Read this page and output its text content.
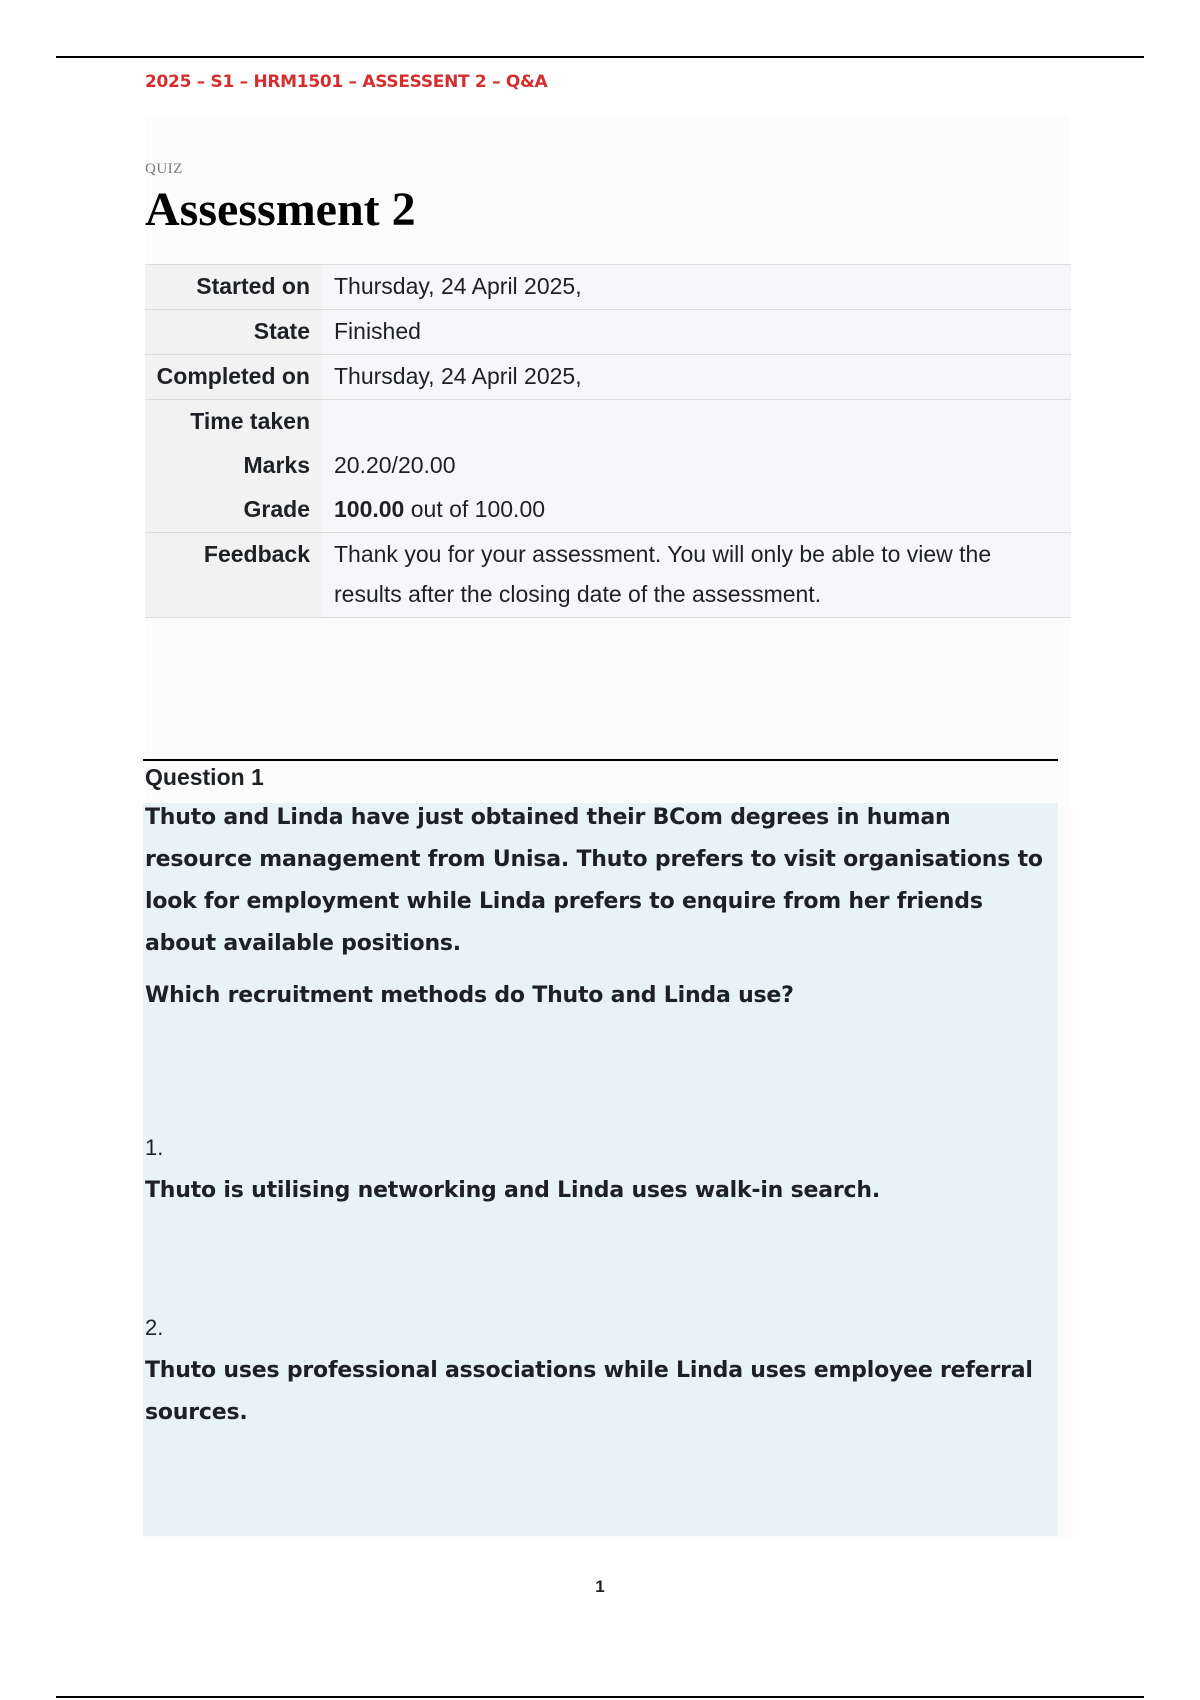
2025 – S1 – HRM1501 – ASSESSENT 2 – Q&A
QUIZ
Assessment 2
Started on	Thursday, 24 April 2025,
State	Finished
Completed on	Thursday, 24 April 2025,
Time taken	
Marks	20.20/20.00
Grade	100.00 out of 100.00
Feedback	Thank you for your assessment. You will only be able to view the results after the closing date of the assessment.
Question 1

Thuto and Linda have just obtained their BCom degrees in human resource management from Unisa. Thuto prefers to visit organisations to look for employment while Linda prefers to enquire from her friends about available positions.

Which recruitment methods do Thuto and Linda use?

1.

Thuto is utilising networking and Linda uses walk-in search.

2.

Thuto uses professional associations while Linda uses employee referral sources.

1
